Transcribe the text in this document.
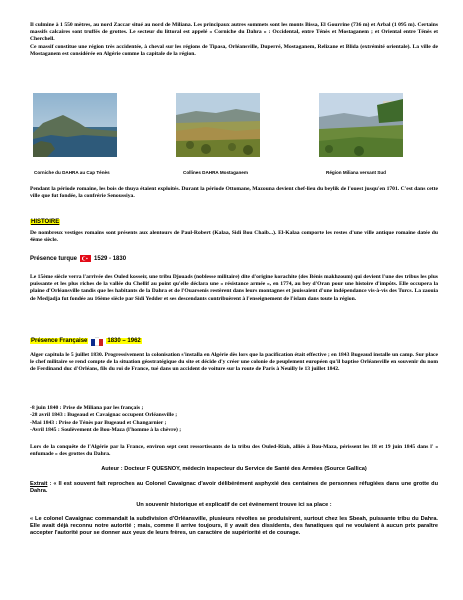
Il culmine à 1 550 mètres, au nord Zaccar situé au nord de Miliana. Les principaux autres sommets sont les monts Bissa, El Gourrine (736 m) et Arbal (1 095 m). Certains massifs calcaires sont truffés de grottes. Le secteur du littoral est appelé « Corniche du Dahra » : Occidental, entre Ténès et Mostaganem ; et Oriental entre Ténès et Cherchell.

Ce massif constitue une région très accidentée, à cheval sur les régions de Tipasa, Orléansville, Duperré, Mostaganem, Relizane et Blida (extrémité orientale). La ville de Mostaganem est considérée en Algérie comme la capitale de la région.

Corniche du DAHRA au Cap Ténès	Collines DAHRA Mostaganem	Région Miliana versant Sud

Pendant la période romaine, les bois de thuya étaient exploités. Durant la période Ottomane, Mazouna devient chef-lieu du beylik de l'ouest jusqu'en 1701. C'est dans cette ville que fut fondée, la confrérie Senoussiya.

HISTOIRE

De nombreux vestiges romains sont présents aux alentours de Paul-Robert (Kalaa, Sidi Bou Chaib...). El-Kalaa comporte les restes d'une ville antique romaine datée du 4ème siècle.

Présence turque	1529 - 1830

Le 15ème siècle verra l'arrivée des Ouled kosseir, une tribu Djouads (noblesse militaire) dite d'origine korachite (des Bénis makhzoum) qui devient l'une des tribus les plus puissante et les plus riches de la vallée du Chellif au point qu'elle déclara une « résistance armée », en 1774, au bey d'Oran pour une histoire d'impôts. Elle occupera la plaine d'Orléansville tandis que les habitants de la Dahra et de l'Ouarsenis restèrent dans leurs montagnes et jouissaient d'une indépendance vis-à-vis des Turcs. La zaouia de Medjadja fut fondée au 16ème siècle par Sidi Yedder et ses descendants contribuèrent à l'enseignement de l'islam dans toute la région.

Présence Française	1830 – 1962

Alger capitula le 5 juillet 1830. Progressivement la colonisation s'installa en Algérie dès lors que la pacification était effective ; en 1843 Bugeaud installe un camp. Sur place le chef militaire se rend compte de la situation géostratégique du site et décide d'y créer une colonie de peuplement européen qu'il baptise Orléansville en souvenir du nom de Ferdinand duc d'Orléans, fils du roi de France, tué dans un accident de voiture sur la route de Paris à Neuilly le 13 juillet 1842.

-8 juin 1840 : Prise de Miliana par les français ;

-28 avril 1843 : Bugeaud et Cavaignac occupent Orléansville ;

-Mai 1843 : Prise de Ténès par Bugeaud et Changarnier ;

-Avril 1845 : Soulèvement de Bou-Maza (l'homme à la chèvre) ;

Lors de la conquête de l'Algérie par la France, environ sept cent ressortissants de la tribu des Ouled-Riah, alliés à Bou-Maza, périssent les 18 et 19 juin 1845 dans l' « enfumade » des grottes du Dahra.

Auteur : Docteur F QUESNOY, médecin inspecteur du Service de Santé des Armées (Source Gallica)

Extrait : « Il est souvent fait reproches au Colonel Cavaignac d'avoir délibérément asphyxié des centaines de personnes réfugiées dans une grotte du Dahra.

Un souvenir historique et explicatif de cet événement trouve ici sa place :

« Le colonel Cavaignac commandait la subdivision d'Orléansville, plusieurs révoltes se produisirent, surtout chez les Sbeah, puissante tribu du Dahra. Elle avait déjà reconnu notre autorité ; mais, comme il arrive toujours, il y avait des dissidents, des fanatiques qui ne voulaient à aucun prix paraître accepter l'autorité pour se donner aux yeux de leurs frères, un caractère de supériorité et de courage.
